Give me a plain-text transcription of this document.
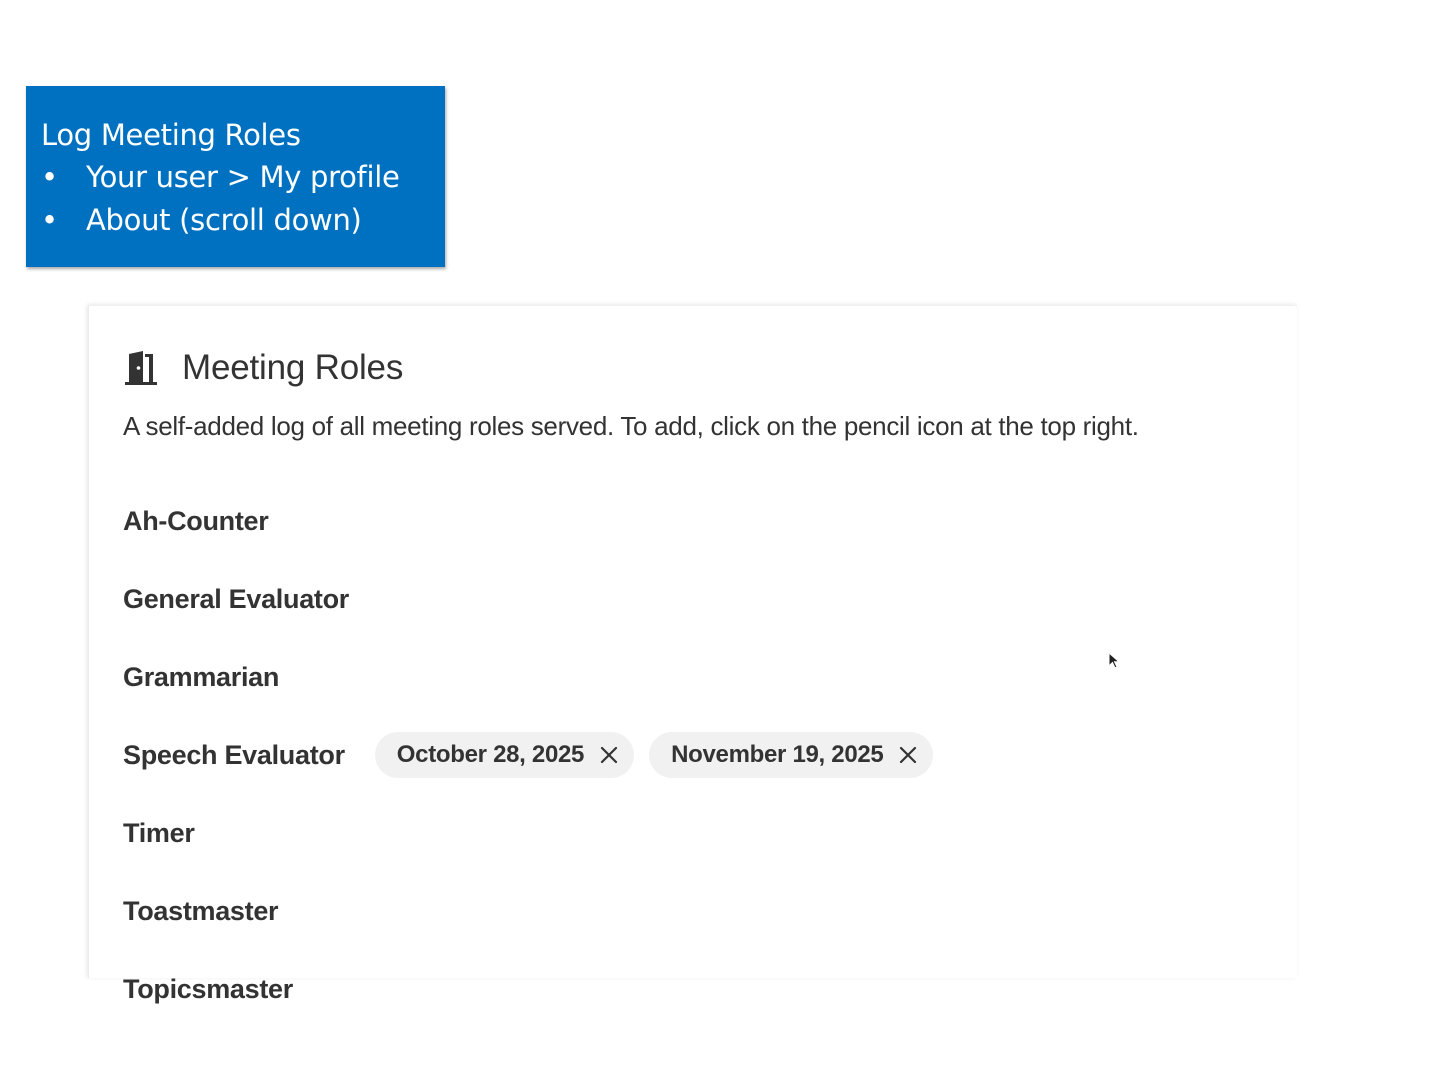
Log Meeting Roles
• Your user > My profile
• About (scroll down)
Meeting Roles
A self-added log of all meeting roles served. To add, click on the pencil icon at the top right.
Ah-Counter
General Evaluator
Grammarian
Speech Evaluator October 28, 2025	November 19, 2025
Timer
Toastmaster
Topicsmaster
